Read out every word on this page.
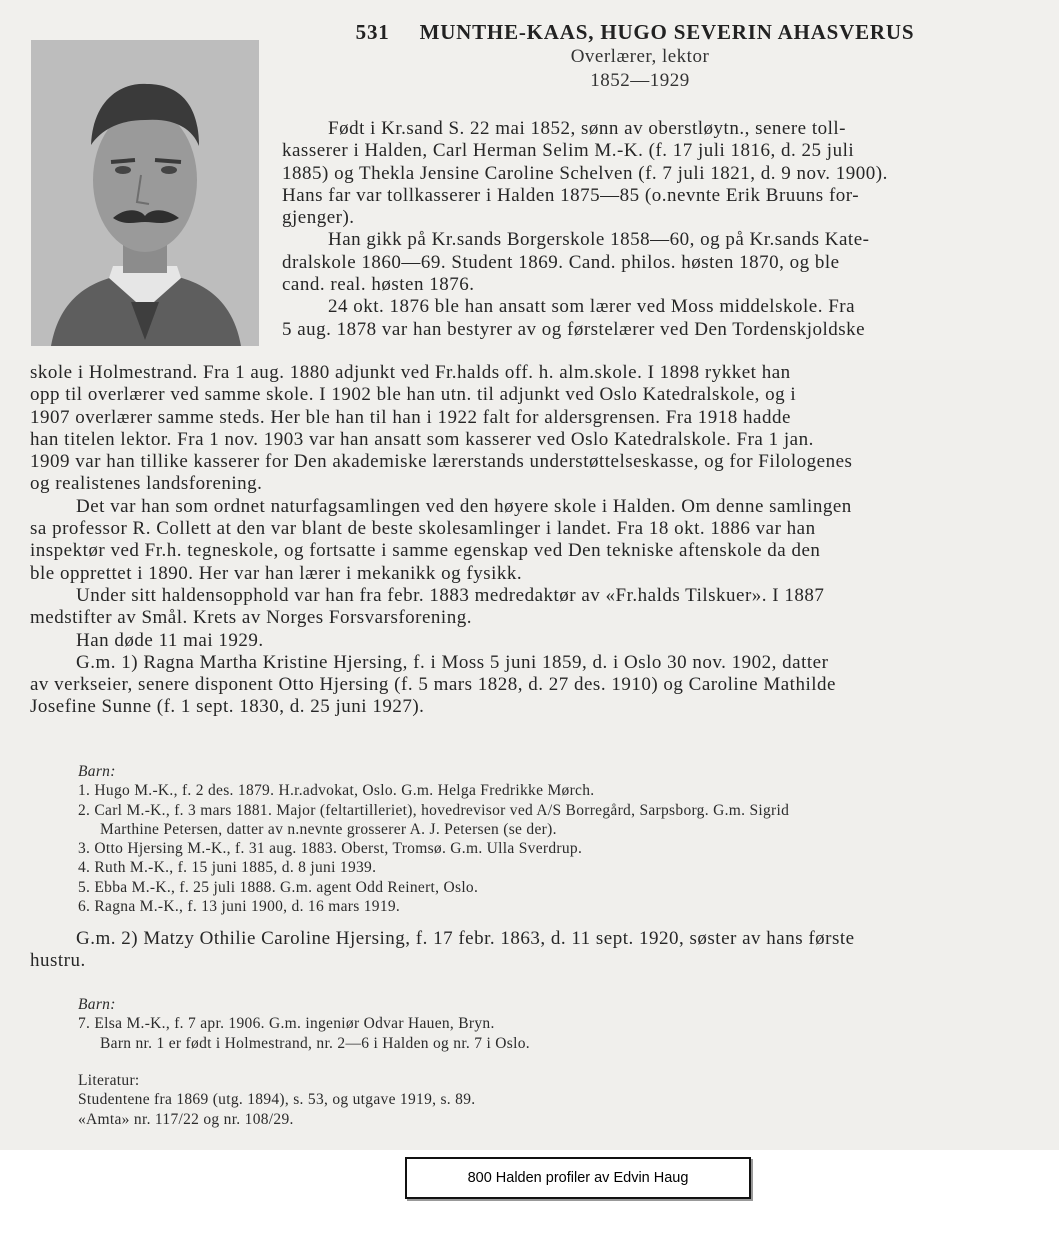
531 MUNTHE-KAAS, HUGO SEVERIN AHASVERUS
Overlærer, lektor
1852—1929
Født i Kr.sand S. 22 mai 1852, sønn av oberstløytn., senere toll-
kasserer i Halden, Carl Herman Selim M.-K. (f. 17 juli 1816, d. 25 juli
1885) og Thekla Jensine Caroline Schelven (f. 7 juli 1821, d. 9 nov. 1900).
Hans far var tollkasserer i Halden 1875—85 (o.nevnte Erik Bruuns for-
gjenger).
Han gikk på Kr.sands Borgerskole 1858—60, og på Kr.sands Kate-
dralskole 1860—69. Student 1869. Cand. philos. høsten 1870, og ble
cand. real. høsten 1876.
24 okt. 1876 ble han ansatt som lærer ved Moss middelskole. Fra
5 aug. 1878 var han bestyrer av og førstelærer ved Den Tordenskjoldske
skole i Holmestrand. Fra 1 aug. 1880 adjunkt ved Fr.halds off. h. alm.skole. I 1898 rykket han
opp til overlærer ved samme skole. I 1902 ble han utn. til adjunkt ved Oslo Katedralskole, og i
1907 overlærer samme steds. Her ble han til han i 1922 falt for aldersgrensen. Fra 1918 hadde
han titelen lektor. Fra 1 nov. 1903 var han ansatt som kasserer ved Oslo Katedralskole. Fra 1 jan.
1909 var han tillike kasserer for Den akademiske lærerstands understøttelseskasse, og for Filologenes
og realistenes landsforening.
Det var han som ordnet naturfagsamlingen ved den høyere skole i Halden. Om denne samlingen
sa professor R. Collett at den var blant de beste skolesamlinger i landet. Fra 18 okt. 1886 var han
inspektør ved Fr.h. tegneskole, og fortsatte i samme egenskap ved Den tekniske aftenskole da den
ble opprettet i 1890. Her var han lærer i mekanikk og fysikk.
Under sitt haldensopphold var han fra febr. 1883 medredaktør av «Fr.halds Tilskuer». I 1887
medstifter av Smål. Krets av Norges Forsvarsforening.
Han døde 11 mai 1929.
G.m. 1) Ragna Martha Kristine Hjersing, f. i Moss 5 juni 1859, d. i Oslo 30 nov. 1902, datter
av verkseier, senere disponent Otto Hjersing (f. 5 mars 1828, d. 27 des. 1910) og Caroline Mathilde
Josefine Sunne (f. 1 sept. 1830, d. 25 juni 1927).
Barn:
1. Hugo M.-K., f. 2 des. 1879. H.r.advokat, Oslo. G.m. Helga Fredrikke Mørch.
2. Carl M.-K., f. 3 mars 1881. Major (feltartilleriet), hovedrevisor ved A/S Borregård, Sarpsborg. G.m. Sigrid
Marthine Petersen, datter av n.nevnte grosserer A. J. Petersen (se der).
3. Otto Hjersing M.-K., f. 31 aug. 1883. Oberst, Tromsø. G.m. Ulla Sverdrup.
4. Ruth M.-K., f. 15 juni 1885, d. 8 juni 1939.
5. Ebba M.-K., f. 25 juli 1888. G.m. agent Odd Reinert, Oslo.
6. Ragna M.-K., f. 13 juni 1900, d. 16 mars 1919.
G.m. 2) Matzy Othilie Caroline Hjersing, f. 17 febr. 1863, d. 11 sept. 1920, søster av hans første
hustru.
Barn:
7. Elsa M.-K., f. 7 apr. 1906. G.m. ingeniør Odvar Hauen, Bryn.
Barn nr. 1 er født i Holmestrand, nr. 2—6 i Halden og nr. 7 i Oslo.
Literatur:
Studentene fra 1869 (utg. 1894), s. 53, og utgave 1919, s. 89.
«Amta» nr. 117/22 og nr. 108/29.
800 Halden profiler av Edvin Haug
